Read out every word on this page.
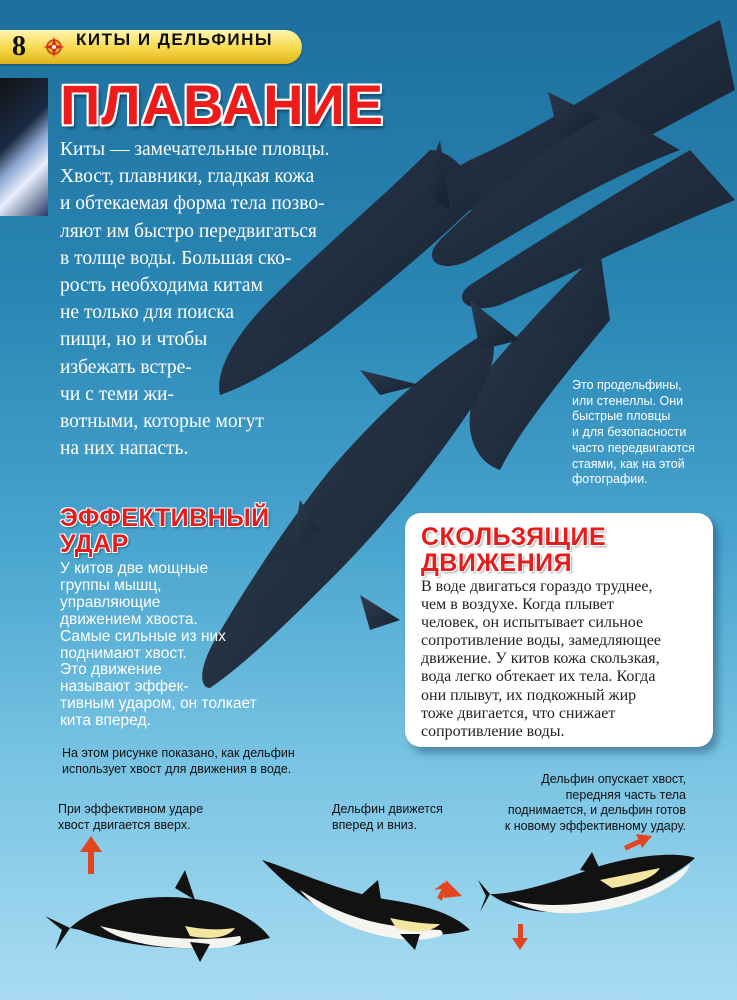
8	КИТЫ И ДЕЛЬФИНЫ
ПЛАВАНИЕ
Киты — замечательные пловцы.
Хвост, плавники, гладкая кожа
и обтекаемая форма тела позво-
ляют им быстро передвигаться
в толще воды. Большая ско-
рость необходима китам
не только для поиска
пищи, но и чтобы
избежать встре-
чи с теми жи-
вотными, которые могут
на них напасть.
Это продельфины,
или стенеллы. Они
быстрые пловцы
и для безопасности
часто передвигаются
стаями, как на этой
фотографии.
ЭФФЕКТИВНЫЙ
УДАР
У китов две мощные
группы мышц,
управляющие
движением хвоста.
Самые сильные из них
поднимают хвост.
Это движение
называют эффек-
тивным ударом, он толкает
кита вперед.
СКОЛЬЗЯЩИЕ
ДВИЖЕНИЯ
В воде двигаться гораздо труднее,
чем в воздухе. Когда плывет
человек, он испытывает сильное
сопротивление воды, замедляющее
движение. У китов кожа скользкая,
вода легко обтекает их тела. Когда
они плывут, их подкожный жир
тоже двигается, что снижает
сопротивление воды.
На этом рисунке показано, как дельфин
использует хвост для движения в воде.
При эффективном ударе
хвост двигается вверх.
Дельфин движется
вперед и вниз.
Дельфин опускает хвост,
передняя часть тела
поднимается, и дельфин готов
к новому эффективному удару.
